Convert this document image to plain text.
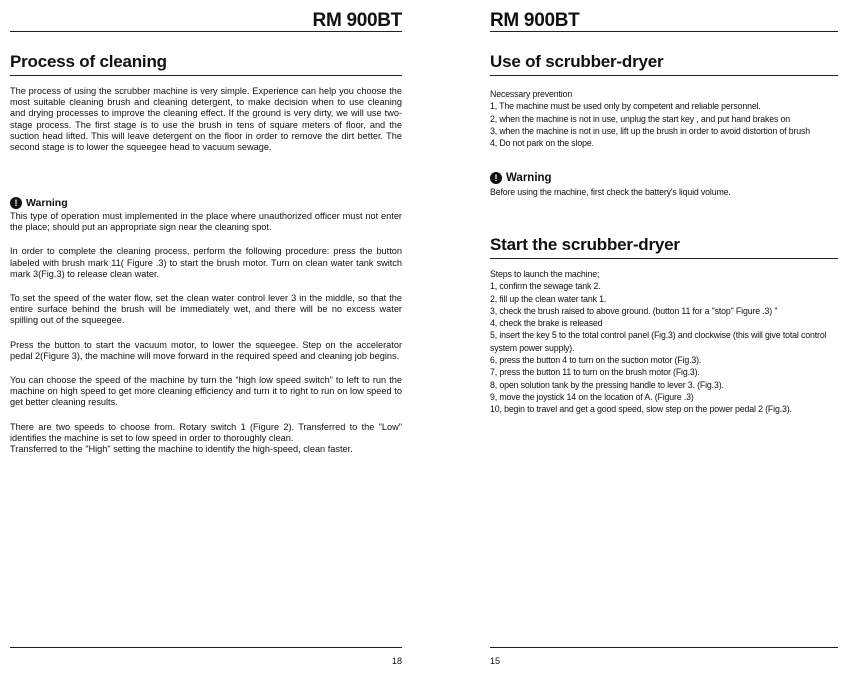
RM 900BT
Process of cleaning

The process of using the scrubber machine is very simple. Experience can help you choose the most suitable cleaning brush and cleaning detergent, to make decision when to use cleaning and drying processes to improve the cleaning effect. If the ground is very dirty, we will use two-stage process. The first stage is to use the brush in tens of square meters of floor, and the suction head lifted. This will leave detergent on the floor in order to remove the dirt better. The second stage is to lower the squeegee head to vacuum sewage.

! Warning

This type of operation must implemented in the place where unauthorized officer must not enter the place; should put an appropriate sign near the cleaning spot.

In order to complete the cleaning process, perform the following procedure: press the button labeled with brush mark 11( Figure .3) to start the brush motor. Turn on clean water tank switch mark 3(Fig.3) to release clean water.

To set the speed of the water flow, set the clean water control lever 3 in the middle, so that the entire surface behind the brush will be immediately wet, and there will be no excess water spilling out of the squeegee.

Press the button to start the vacuum motor, to lower the squeegee. Step on the accelerator pedal 2(Figure 3), the machine will move forward in the required speed and cleaning job begins.

You can choose the speed of the machine by turn the “high low speed switch” to left to run the machine on high speed to get more cleaning efficiency and turn it to right to run on low speed to get better cleaning results.

There are two speeds to choose from. Rotary switch 1 (Figure 2). Transferred to the "Low" identifies the machine is set to low speed in order to thoroughly clean.

Transferred to the "High" setting the machine to identify the high-speed, clean faster.

18
RM 900BT
Use of scrubber-dryer

Necessary prevention

1, The machine must be used only by competent and reliable personnel.

2, when the machine is not in use, unplug the start key , and put hand brakes on

3, when the machine is not in use, lift up the brush in order to avoid distortion of brush

4, Do not park on the slope.

! Warning

Before using the machine, first check the battery's liquid volume.

Start the scrubber-dryer

Steps to launch the machine;

1, confirm the sewage tank 2.

2, fill up the clean water tank 1.

3, check the brush raised to above ground. (button 11 for a "stop" Figure .3) "

4, check the brake is released

5, insert the key 5 to the total control panel (Fig.3) and clockwise (this will give total control system power supply).

6, press the button 4 to turn on the suction motor (Fig.3).

7, press the button 11 to turn on the brush motor (Fig.3).

8, open solution tank by the pressing handle to lever 3. (Fig.3).

9, move the joystick 14 on the location of A. (Figure .3)

10, begin to travel and get a good speed, slow step on the power pedal 2 (Fig.3).

15
